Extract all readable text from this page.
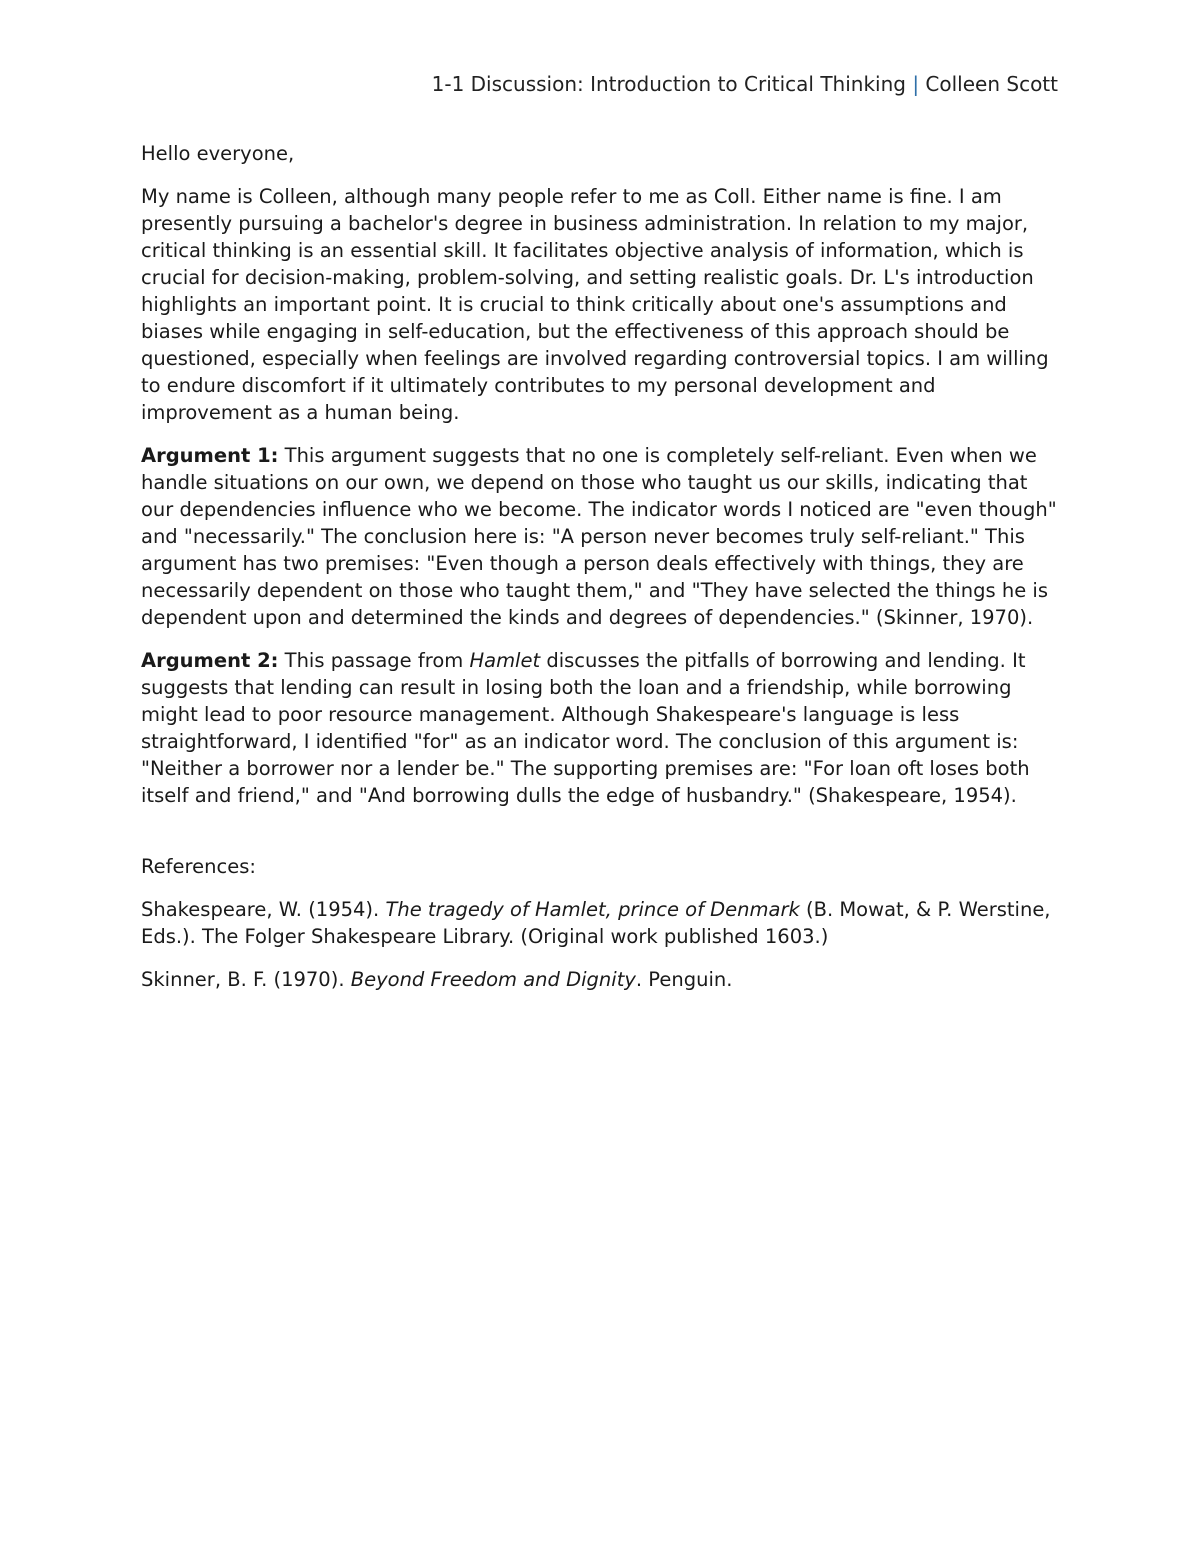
1-1 Discussion: Introduction to Critical Thinking | Colleen Scott

Hello everyone,

My name is Colleen, although many people refer to me as Coll. Either name is fine. I am presently pursuing a bachelor's degree in business administration. In relation to my major, critical thinking is an essential skill. It facilitates objective analysis of information, which is crucial for decision-making, problem-solving, and setting realistic goals. Dr. L's introduction highlights an important point. It is crucial to think critically about one's assumptions and biases while engaging in self-education, but the effectiveness of this approach should be questioned, especially when feelings are involved regarding controversial topics. I am willing to endure discomfort if it ultimately contributes to my personal development and improvement as a human being.

Argument 1: This argument suggests that no one is completely self-reliant. Even when we handle situations on our own, we depend on those who taught us our skills, indicating that our dependencies influence who we become. The indicator words I noticed are "even though" and "necessarily." The conclusion here is: "A person never becomes truly self-reliant." This argument has two premises: "Even though a person deals effectively with things, they are necessarily dependent on those who taught them," and "They have selected the things he is dependent upon and determined the kinds and degrees of dependencies." (Skinner, 1970).

Argument 2: This passage from Hamlet discusses the pitfalls of borrowing and lending. It suggests that lending can result in losing both the loan and a friendship, while borrowing might lead to poor resource management. Although Shakespeare's language is less straightforward, I identified "for" as an indicator word. The conclusion of this argument is: "Neither a borrower nor a lender be." The supporting premises are: "For loan oft loses both itself and friend," and "And borrowing dulls the edge of husbandry." (Shakespeare, 1954).

References:

Shakespeare, W. (1954). The tragedy of Hamlet, prince of Denmark (B. Mowat, & P. Werstine, Eds.). The Folger Shakespeare Library. (Original work published 1603.)

Skinner, B. F. (1970). Beyond Freedom and Dignity. Penguin.
